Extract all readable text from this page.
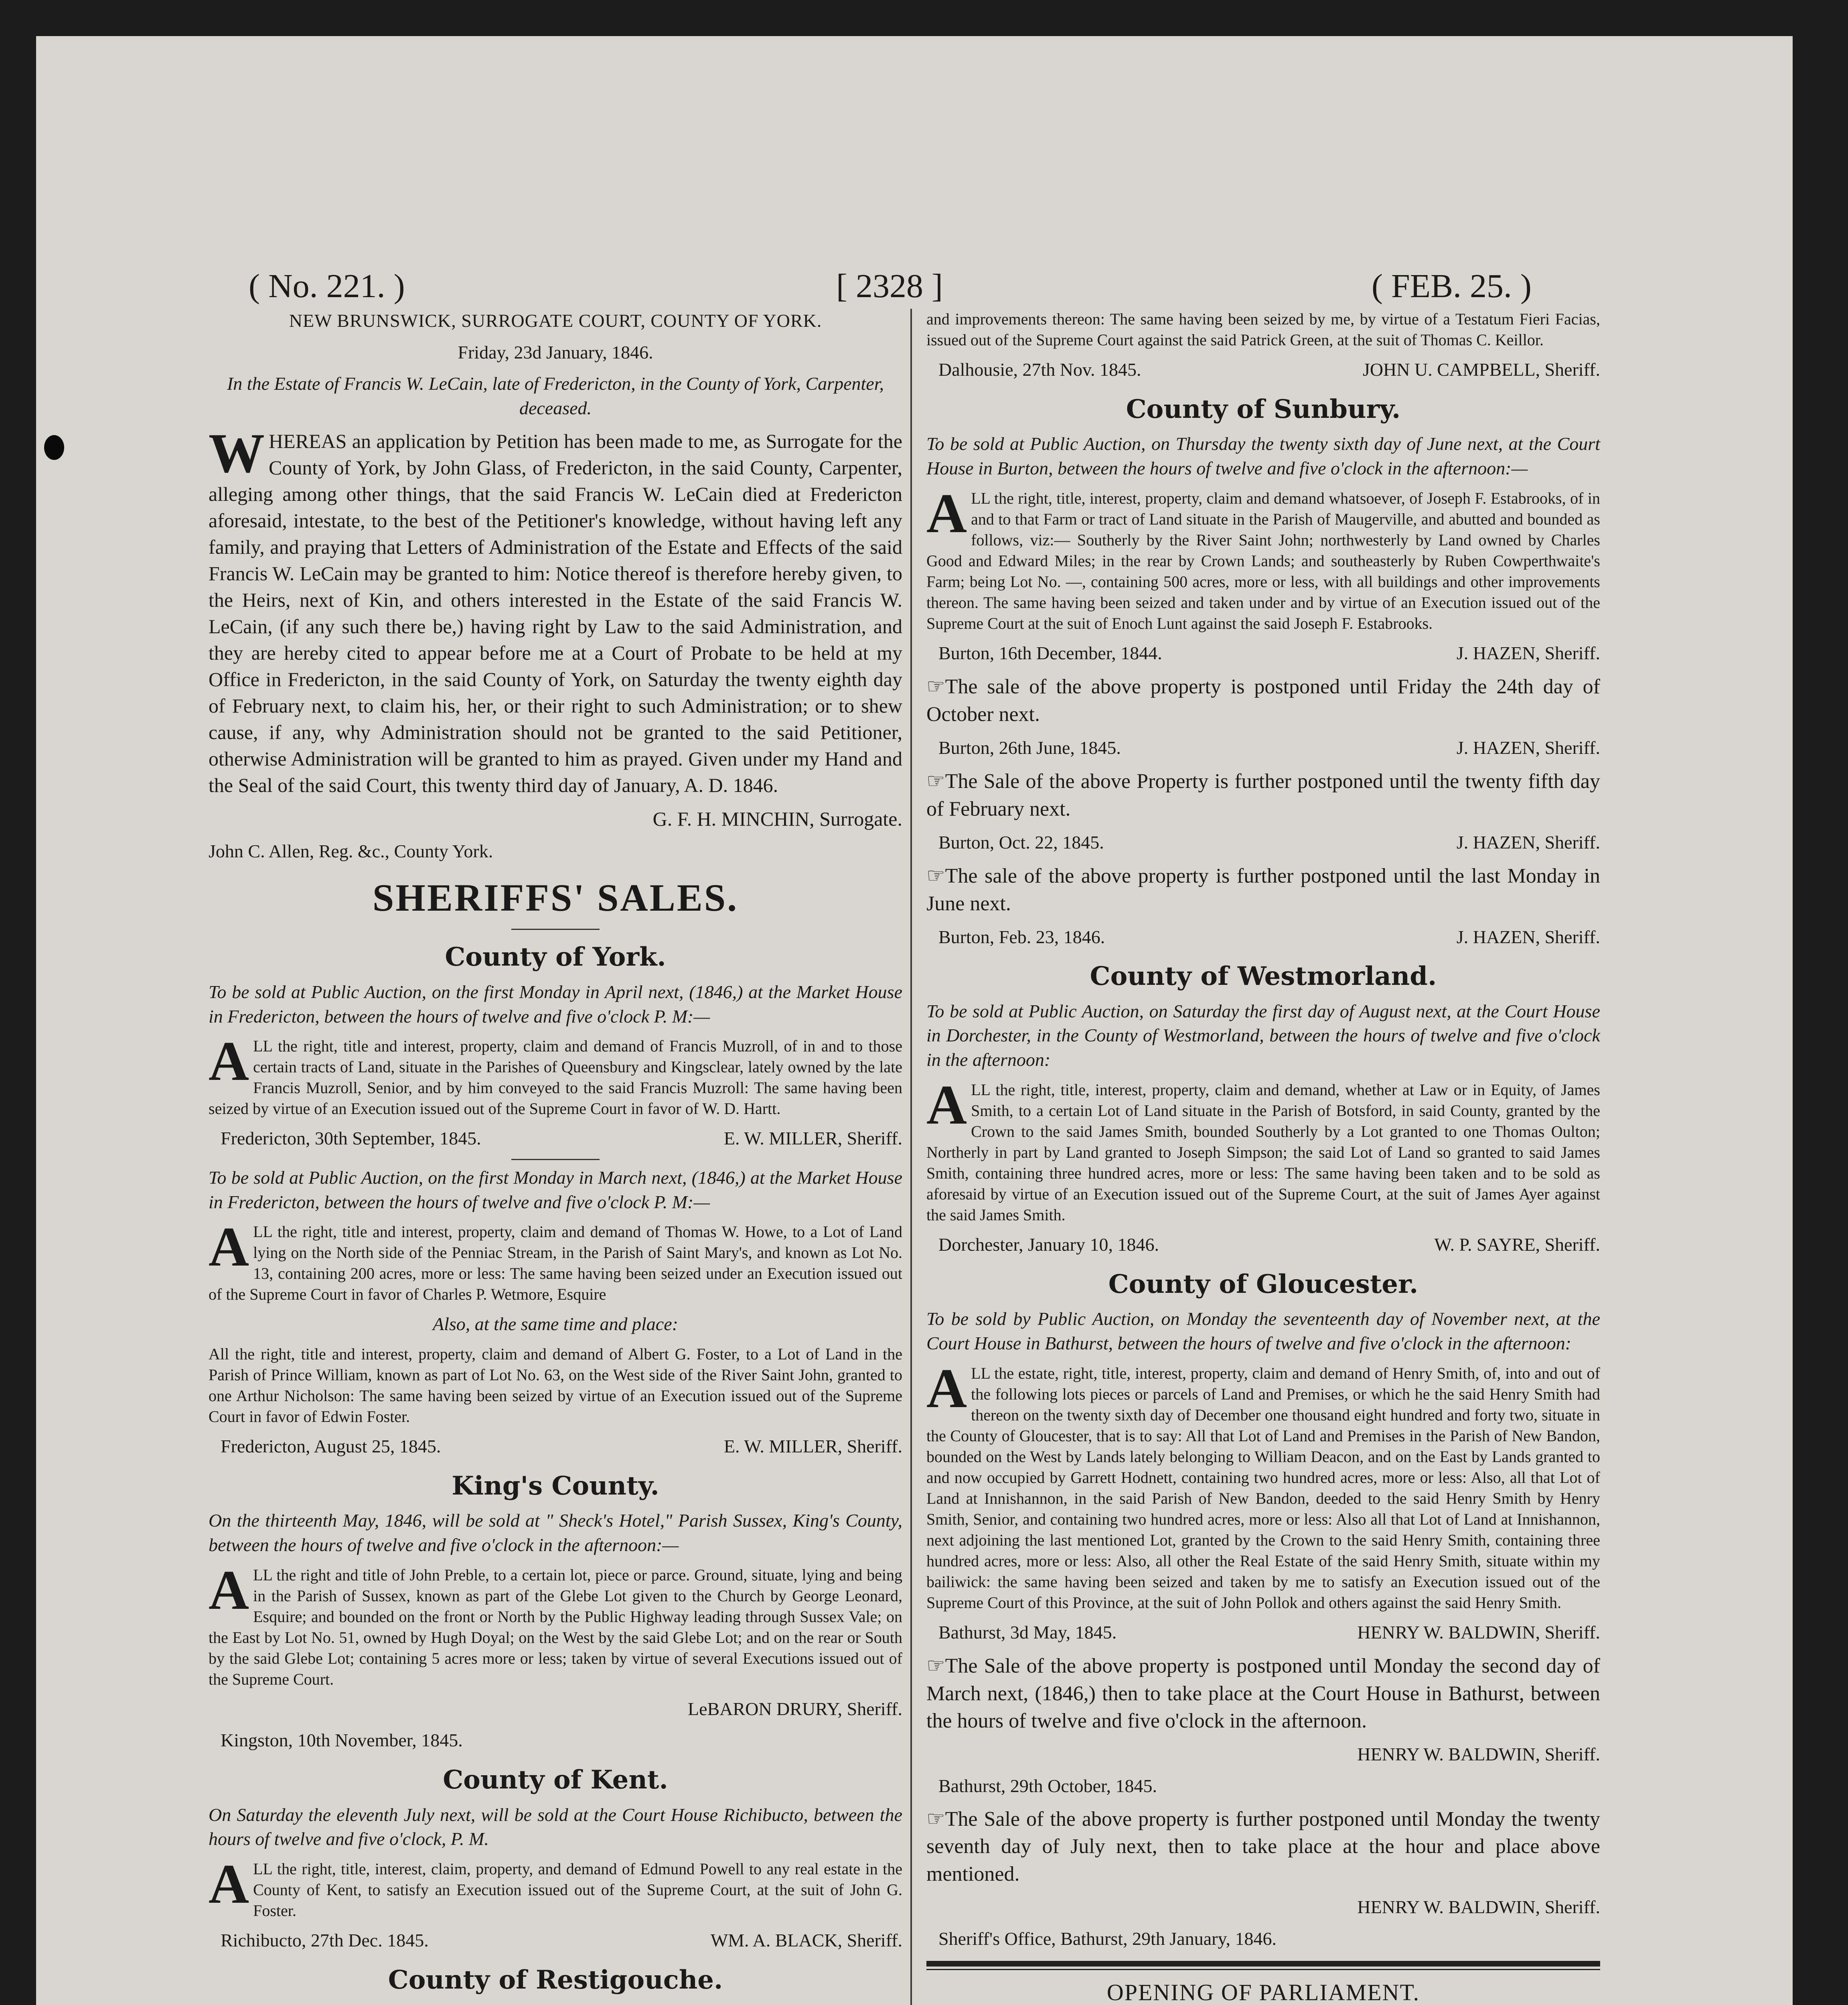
( No. 221. )	[ 2328 ]	( FEB. 25. )

NEW BRUNSWICK, SURROGATE COURT, COUNTY OF YORK.

Friday, 23d January, 1846.

In the Estate of Francis W. LeCain, late of Fredericton, in the County of York, Carpenter, deceased.

WHEREAS an application by Petition has been made to me, as Surrogate for the County of York, by John Glass, of Fredericton, in the said County, Carpenter, alleging among other things, that the said Francis W. LeCain died at Fredericton aforesaid, intestate, to the best of the Petitioner's knowledge, without having left any family, and praying that Letters of Administration of the Estate and Effects of the said Francis W. LeCain may be granted to him: Notice thereof is therefore hereby given, to the Heirs, next of Kin, and others interested in the Estate of the said Francis W. LeCain, (if any such there be,) having right by Law to the said Administration, and they are hereby cited to appear before me at a Court of Probate to be held at my Office in Fredericton, in the said County of York, on Saturday the twenty eighth day of February next, to claim his, her, or their right to such Administration; or to shew cause, if any, why Administration should not be granted to the said Petitioner, otherwise Administration will be granted to him as prayed. Given under my Hand and the Seal of the said Court, this twenty third day of January, A. D. 1846.

G. F. H. MINCHIN, Surrogate.

John C. Allen, Reg. &c., County York.

SHERIFFS' SALES.
County of York.

To be sold at Public Auction, on the first Monday in April next, (1846,) at the Market House in Fredericton, between the hours of twelve and five o'clock P. M:—

ALL the right, title and interest, property, claim and demand of Francis Muzroll, of in and to those certain tracts of Land, situate in the Parishes of Queensbury and Kingsclear, lately owned by the late Francis Muzroll, Senior, and by him conveyed to the said Francis Muzroll: The same having been seized by virtue of an Execution issued out of the Supreme Court in favor of W. D. Hartt.

Fredericton, 30th September, 1845.	E. W. MILLER, Sheriff.

To be sold at Public Auction, on the first Monday in March next, (1846,) at the Market House in Fredericton, between the hours of twelve and five o'clock P. M:—

ALL the right, title and interest, property, claim and demand of Thomas W. Howe, to a Lot of Land lying on the North side of the Penniac Stream, in the Parish of Saint Mary's, and known as Lot No. 13, containing 200 acres, more or less: The same having been seized under an Execution issued out of the Supreme Court in favor of Charles P. Wetmore, Esquire

Also, at the same time and place:

All the right, title and interest, property, claim and demand of Albert G. Foster, to a Lot of Land in the Parish of Prince William, known as part of Lot No. 63, on the West side of the River Saint John, granted to one Arthur Nicholson: The same having been seized by virtue of an Execution issued out of the Supreme Court in favor of Edwin Foster.

Fredericton, August 25, 1845.	E. W. MILLER, Sheriff.
King's County.

On the thirteenth May, 1846, will be sold at " Sheck's Hotel," Parish Sussex, King's County, between the hours of twelve and five o'clock in the afternoon:—

ALL the right and title of John Preble, to a certain lot, piece or parce. Ground, situate, lying and being in the Parish of Sussex, known as part of the Glebe Lot given to the Church by George Leonard, Esquire; and bounded on the front or North by the Public Highway leading through Sussex Vale; on the East by Lot No. 51, owned by Hugh Doyal; on the West by the said Glebe Lot; and on the rear or South by the said Glebe Lot; containing 5 acres more or less; taken by virtue of several Executions issued out of the Supreme Court.

LeBARON DRURY, Sheriff.

Kingston, 10th November, 1845.

County of Kent.

On Saturday the eleventh July next, will be sold at the Court House Richibucto, between the hours of twelve and five o'clock, P. M.

ALL the right, title, interest, claim, property, and demand of Edmund Powell to any real estate in the County of Kent, to satisfy an Execution issued out of the Supreme Court, at the suit of John G. Foster.

Richibucto, 27th Dec. 1845.	WM. A. BLACK, Sheriff.
County of Restigouche.

and improvements thereon: The same having been seized by me, by virtue of a Testatum Fieri Facias, issued out of the Supreme Court against the said Patrick Green, at the suit of Thomas C. Keillor.

Dalhousie, 27th Nov. 1845.	JOHN U. CAMPBELL, Sheriff.
County of Sunbury.

To be sold at Public Auction, on Thursday the twenty sixth day of June next, at the Court House in Burton, between the hours of twelve and five o'clock in the afternoon:—

ALL the right, title, interest, property, claim and demand whatsoever, of Joseph F. Estabrooks, of in and to that Farm or tract of Land situate in the Parish of Maugerville, and abutted and bounded as follows, viz:— Southerly by the River Saint John; northwesterly by Land owned by Charles Good and Edward Miles; in the rear by Crown Lands; and southeasterly by Ruben Cowperthwaite's Farm; being Lot No. —, containing 500 acres, more or less, with all buildings and other improvements thereon. The same having been seized and taken under and by virtue of an Execution issued out of the Supreme Court at the suit of Enoch Lunt against the said Joseph F. Estabrooks.

Burton, 16th December, 1844.	J. HAZEN, Sheriff.

☞The sale of the above property is postponed until Friday the 24th day of October next.

Burton, 26th June, 1845.	J. HAZEN, Sheriff.

☞The Sale of the above Property is further postponed until the twenty fifth day of February next.

Burton, Oct. 22, 1845.	J. HAZEN, Sheriff.

☞The sale of the above property is further postponed until the last Monday in June next.

Burton, Feb. 23, 1846.	J. HAZEN, Sheriff.
County of Westmorland.

To be sold at Public Auction, on Saturday the first day of August next, at the Court House in Dorchester, in the County of Westmorland, between the hours of twelve and five o'clock in the afternoon:

ALL the right, title, interest, property, claim and demand, whether at Law or in Equity, of James Smith, to a certain Lot of Land situate in the Parish of Botsford, in said County, granted by the Crown to the said James Smith, bounded Southerly by a Lot granted to one Thomas Oulton; Northerly in part by Land granted to Joseph Simpson; the said Lot of Land so granted to said James Smith, containing three hundred acres, more or less: The same having been taken and to be sold as aforesaid by virtue of an Execution issued out of the Supreme Court, at the suit of James Ayer against the said James Smith.

Dorchester, January 10, 1846.	W. P. SAYRE, Sheriff.
County of Gloucester.

To be sold by Public Auction, on Monday the seventeenth day of November next, at the Court House in Bathurst, between the hours of twelve and five o'clock in the afternoon:

ALL the estate, right, title, interest, property, claim and demand of Henry Smith, of, into and out of the following lots pieces or parcels of Land and Premises, or which he the said Henry Smith had thereon on the twenty sixth day of December one thousand eight hundred and forty two, situate in the County of Gloucester, that is to say: All that Lot of Land and Premises in the Parish of New Bandon, bounded on the West by Lands lately belonging to William Deacon, and on the East by Lands granted to and now occupied by Garrett Hodnett, containing two hundred acres, more or less: Also, all that Lot of Land at Innishannon, in the said Parish of New Bandon, deeded to the said Henry Smith by Henry Smith, Senior, and containing two hundred acres, more or less: Also all that Lot of Land at Innishannon, next adjoining the last mentioned Lot, granted by the Crown to the said Henry Smith, containing three hundred acres, more or less: Also, all other the Real Estate of the said Henry Smith, situate within my bailiwick: the same having been seized and taken by me to satisfy an Execution issued out of the Supreme Court of this Province, at the suit of John Pollok and others against the said Henry Smith.

Bathurst, 3d May, 1845.	HENRY W. BALDWIN, Sheriff.

☞The Sale of the above property is postponed until Monday the second day of March next, (1846,) then to take place at the Court House in Bathurst, between the hours of twelve and five o'clock in the afternoon.

HENRY W. BALDWIN, Sheriff.

Bathurst, 29th October, 1845.

☞The Sale of the above property is further postponed until Monday the twenty seventh day of July next, then to take place at the hour and place above mentioned.

HENRY W. BALDWIN, Sheriff.

Sheriff's Office, Bathurst, 29th January, 1846.

OPENING OF PARLIAMENT.
